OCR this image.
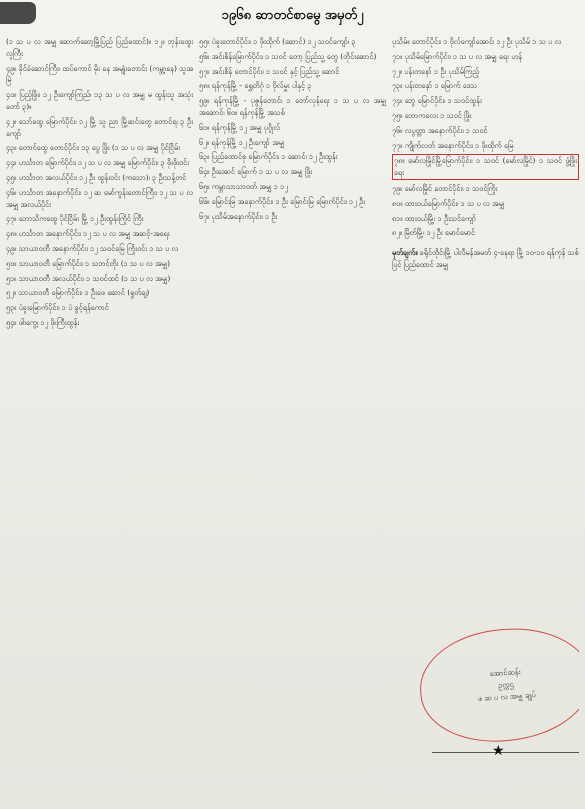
၁၉၆၈ ဆာတင်စာမွေ အမှတ်၂

(၁ သ ပ လ အမျှ ဆောက်ဆော့မြို့ပြည် ပြည်ထောင်)။ ၁၂။ ဘုန်းထွေး လူကြီး

၄၉။ ခိုင်ခံဆောင်ကြီး၊ ထပ်ကောင် မိုး နေ အမျုံးတောင်း (ကမ္ဘာ့နေ) သူအ မြဲ

၄၀။ ပြည့်ဖြိုး၊ ၁၂ ဦးကျော်ကြည်၊ ၁၃ သ ပ လ အမျှ မ ထွန်းသူ အသုံးတော် ၃)။

၄၂။ သော်ထွေ မြောက်ပိုင်း၊ ၁၂ မြို့ သူ ညာ မြို့ဆင်းတွေ တောင်ရ၊ ၃ ဦးကျော်

၄၃။ တောင်ထွေ တောင်ပိုင်း၊ ၁၃ ပွေ ဖြိုး (၁ သ ပ လ အမျှ ပိုင်ငြိမ်း

၄၄။ ဟင်္သာတ မြောက်ပိုင်း၊ ၁၂ သ ပ လ အမျှ မြောက်ပိုင်း၊ ၃ ဖိုးဖိုးဝင်း

၄၅။ ဟင်္သာတ အလယ်ပိုင်း၊ ၁၂ ဦး ထွန်းဝင်း (ကသော)၊ ၃ ဦးသန့်တင်

၄၆။ ဟင်္သာတ အနောက်ပိုင်း၊ ၁၂ ဆ မော်ကွန်းတောင်ကြီး၊ ၁၂ သ ပ လ အမျှ အလယ်ပိုင်း

၄၇။ ဘောသိကထွေ ပိုင်ငြိမ်း မြို့ ၁၂ ဦးထွန်းကြိုင် ကြီး

၄၈။ ဟင်္သာတ အနောက်ပိုင်း၊ ၁၂ သ ပ လ အမျှ အဆင့်-အရေး

၄၉။ သာယာဝတီ အနောက်ပိုင်း၊ ၁၂ သဝင်မြေ ကြိုးဝင်း ၁ သ ပ လ

၅၀။ သာယာဝတီ မြောက်ပိုင်း၊ ၁ သဘင်တိုး (၁ သ ပ လ အမျှ)

၅၁။ သာယာဝတီ အလယ်ပိုင်း၊ ၁ သဝင်ထင် (၁ သ ပ လ အမျှ)

၅၂။ သာယာဝတီ မြောက်ပိုင်း၊ ၁ ဦးဖေ ဆောင် (ရှုတ်ချ)

၅၃။ ပဲခူးမြောက်ပိုင်း၊ ၁ ပဲ ခွင့်ရန်ကောင်

၅၄။ ဖါးကွေ့၊ ၁၂ ဖိုးကြီးထွန်း

၅၅။ ပဲခူးတောင်ပိုင်း၊ ၁ ဖိုးထိုက် (ဆောင်) ၁၂ သဝင်ကျော်၊ ၃

၅၆။ အင်းစိန်မြောက်ပိုင်း၊ ၁ သဝင် တော့ ပြည်သူ့ တွေ (တိုင်းဆောင်)

၅၇။ အင်းစိန် တောင်ပိုင်း၊ ၁ သဝင် နှင့် ပြည်သူ့ ဆောင်

၅၈။ ရန်ကုန်မြို့ - ရွှေတိဂုံ ၁ ဗိုလ်မှူး ပါနှင့် ၃

၅၉။ ရန်ကုန်မြို့ - ပုဇွန်တောင်၊ ၁ တော်လှန်ရေး ၁ သ ပ လ အမျှ အဆောင်၊ ၆၀။ ရန်ကုန်မြို့ အသစ်

၆၁။ ရန်ကုန်မြို့ ၁၂ အမျှ ပုဂ္ဂိုလ်

၆၂။ ရန်ကုန်မြို့ ၁၂ ဦးကျော် အမျှ

၆၃။ ပြည်ထောင်စု မြောက်ပိုင်း၊ ၁ ဆောင်၊ ၁၂ ဦးထွန်း

၆၄။ ဦးအောင် မြောက် ၁ သ ပ လ အမျှ ဖြိုး

၆၅။ ကမ္ဘာသာသာဝတ် အမျှ ၁ ၁၂

၆၆။ မြောင်းမြ အနောက်ပိုင်း၊ ၁ ဦး မြောင်းမြ မြောက်ပိုင်း၊ ၁၂ ဦး

၆၇။ ပုသိမ်အနောက်ပိုင်း၊ ၁ ဦး

ပုသိမ်။ တောင်ပိုင်း၊ ၁ ဗိုလ်ကျော်အောင်၊ ၁၂ ဦး ပုသိမ် ၁ သ ပ လ

၇၁။ ပုသိမ်မြောက်ပိုင်း၊ ၁ သ ပ လ အမျှ ရေး ဟန်

၇၂။ ပန်းတနော် ၁ ဦး ပုသိမ်ကြည့်

၇၃။ ပန်းတနော် ၁ မြောက် ဒေသ

၇၄။ ဘွေ မြောင်ပိုင်း၊ ၁ သဝင်ထွန်း

၇၅။ ဘောကလေး ၁ သဝင် ဖြိုး

၇၆။ လပွတ္တာ အနောက်ပိုင်း၊ ၁ သဝင်

၇၇။ ကျိုက်လတ် အနောက်ပိုင်း၊ ၁ ဖိုးထိုက် မြေ

၇၈။ မော်လမြိုင်မြို့မြောက်ပိုင်း၊ ၁ သဝင် (မော်လမြိုင်) ၁ သဝင် ဖွံ့ဖြိုးရေး

၇၉။ မော်လမြိုင် တောင်ပိုင်း၊ ၁ သဝင်ကြိုး

၈၀။ ထားဝယ်မြောက်ပိုင်း၊ ၁ သ ပ လ အမျှ

၈၁။ ထားဝယ်မြို့၊ ၁ ဦးသင်ကျော်

၈၂။ မြိတ်မြို့၊ ၁၂ ဦး မောင်မောင်

မှတ်ချက်။ ခရိုင်တိုင်းမြို့ ပါလီမန်အမတ် ၄-နေရာ မြို့ ၁၀-၁၀ ရန်ကုန် သစ်ပြင် ပြည်ထောင် အမျှ
အောင်ဆန်း
ဥက္ကဌ
ဖ ဆ ပ လ အမျှ ချုပ်
★
